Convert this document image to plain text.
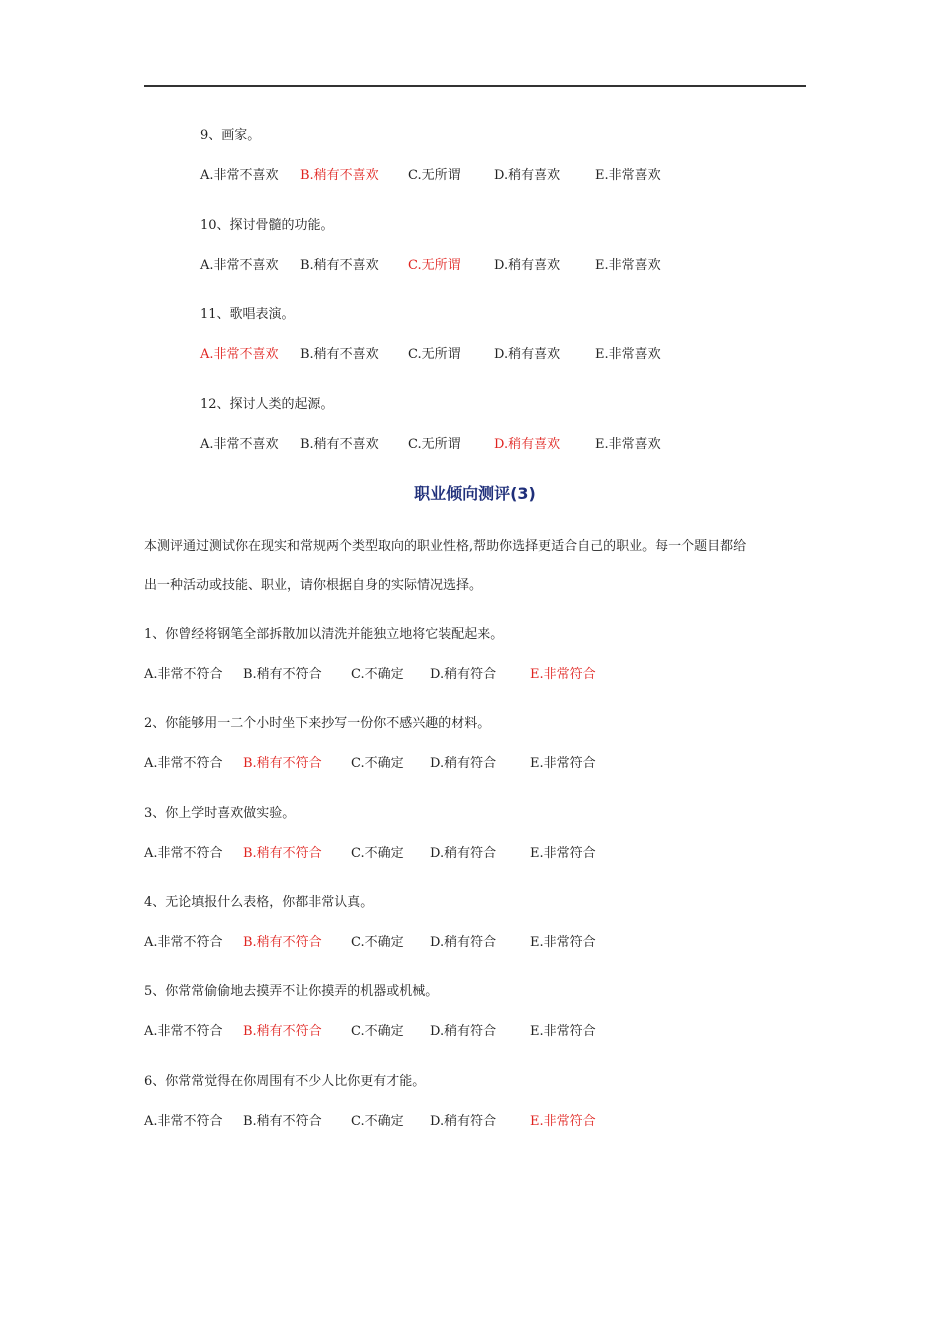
9、画家。
A.非常不喜欢 B.稍有不喜欢 C.无所谓	D.稍有喜欢	E.非常喜欢
10、探讨骨髓的功能。
A.非常不喜欢 B.稍有不喜欢 C.无所谓	D.稍有喜欢	E.非常喜欢
11、歌唱表演。
A.非常不喜欢 B.稍有不喜欢 C.无所谓	D.稍有喜欢	E.非常喜欢
12、探讨人类的起源。
A.非常不喜欢 B.稍有不喜欢 C.无所谓	D.稍有喜欢	E.非常喜欢
职业倾向测评(3)
本测评通过测试你在现实和常规两个类型取向的职业性格,帮助你选择更适合自己的职业。每一个题目都给
出一种活动或技能、职业，请你根据自身的实际情况选择。
1、你曾经将钢笔全部拆散加以清洗并能独立地将它装配起来。
A.非常不符合 B.稍有不符合 C.不确定 D.稍有符合	E.非常符合
2、你能够用一二个小时坐下来抄写一份你不感兴趣的材料。
A.非常不符合 B.稍有不符合 C.不确定 D.稍有符合	E.非常符合
3、你上学时喜欢做实验。
A.非常不符合 B.稍有不符合 C.不确定 D.稍有符合	E.非常符合
4、无论填报什么表格，你都非常认真。
A.非常不符合 B.稍有不符合 C.不确定 D.稍有符合	E.非常符合
5、你常常偷偷地去摸弄不让你摸弄的机器或机械。
A.非常不符合 B.稍有不符合 C.不确定 D.稍有符合	E.非常符合
6、你常常觉得在你周围有不少人比你更有才能。
A.非常不符合 B.稍有不符合 C.不确定 D.稍有符合	E.非常符合
